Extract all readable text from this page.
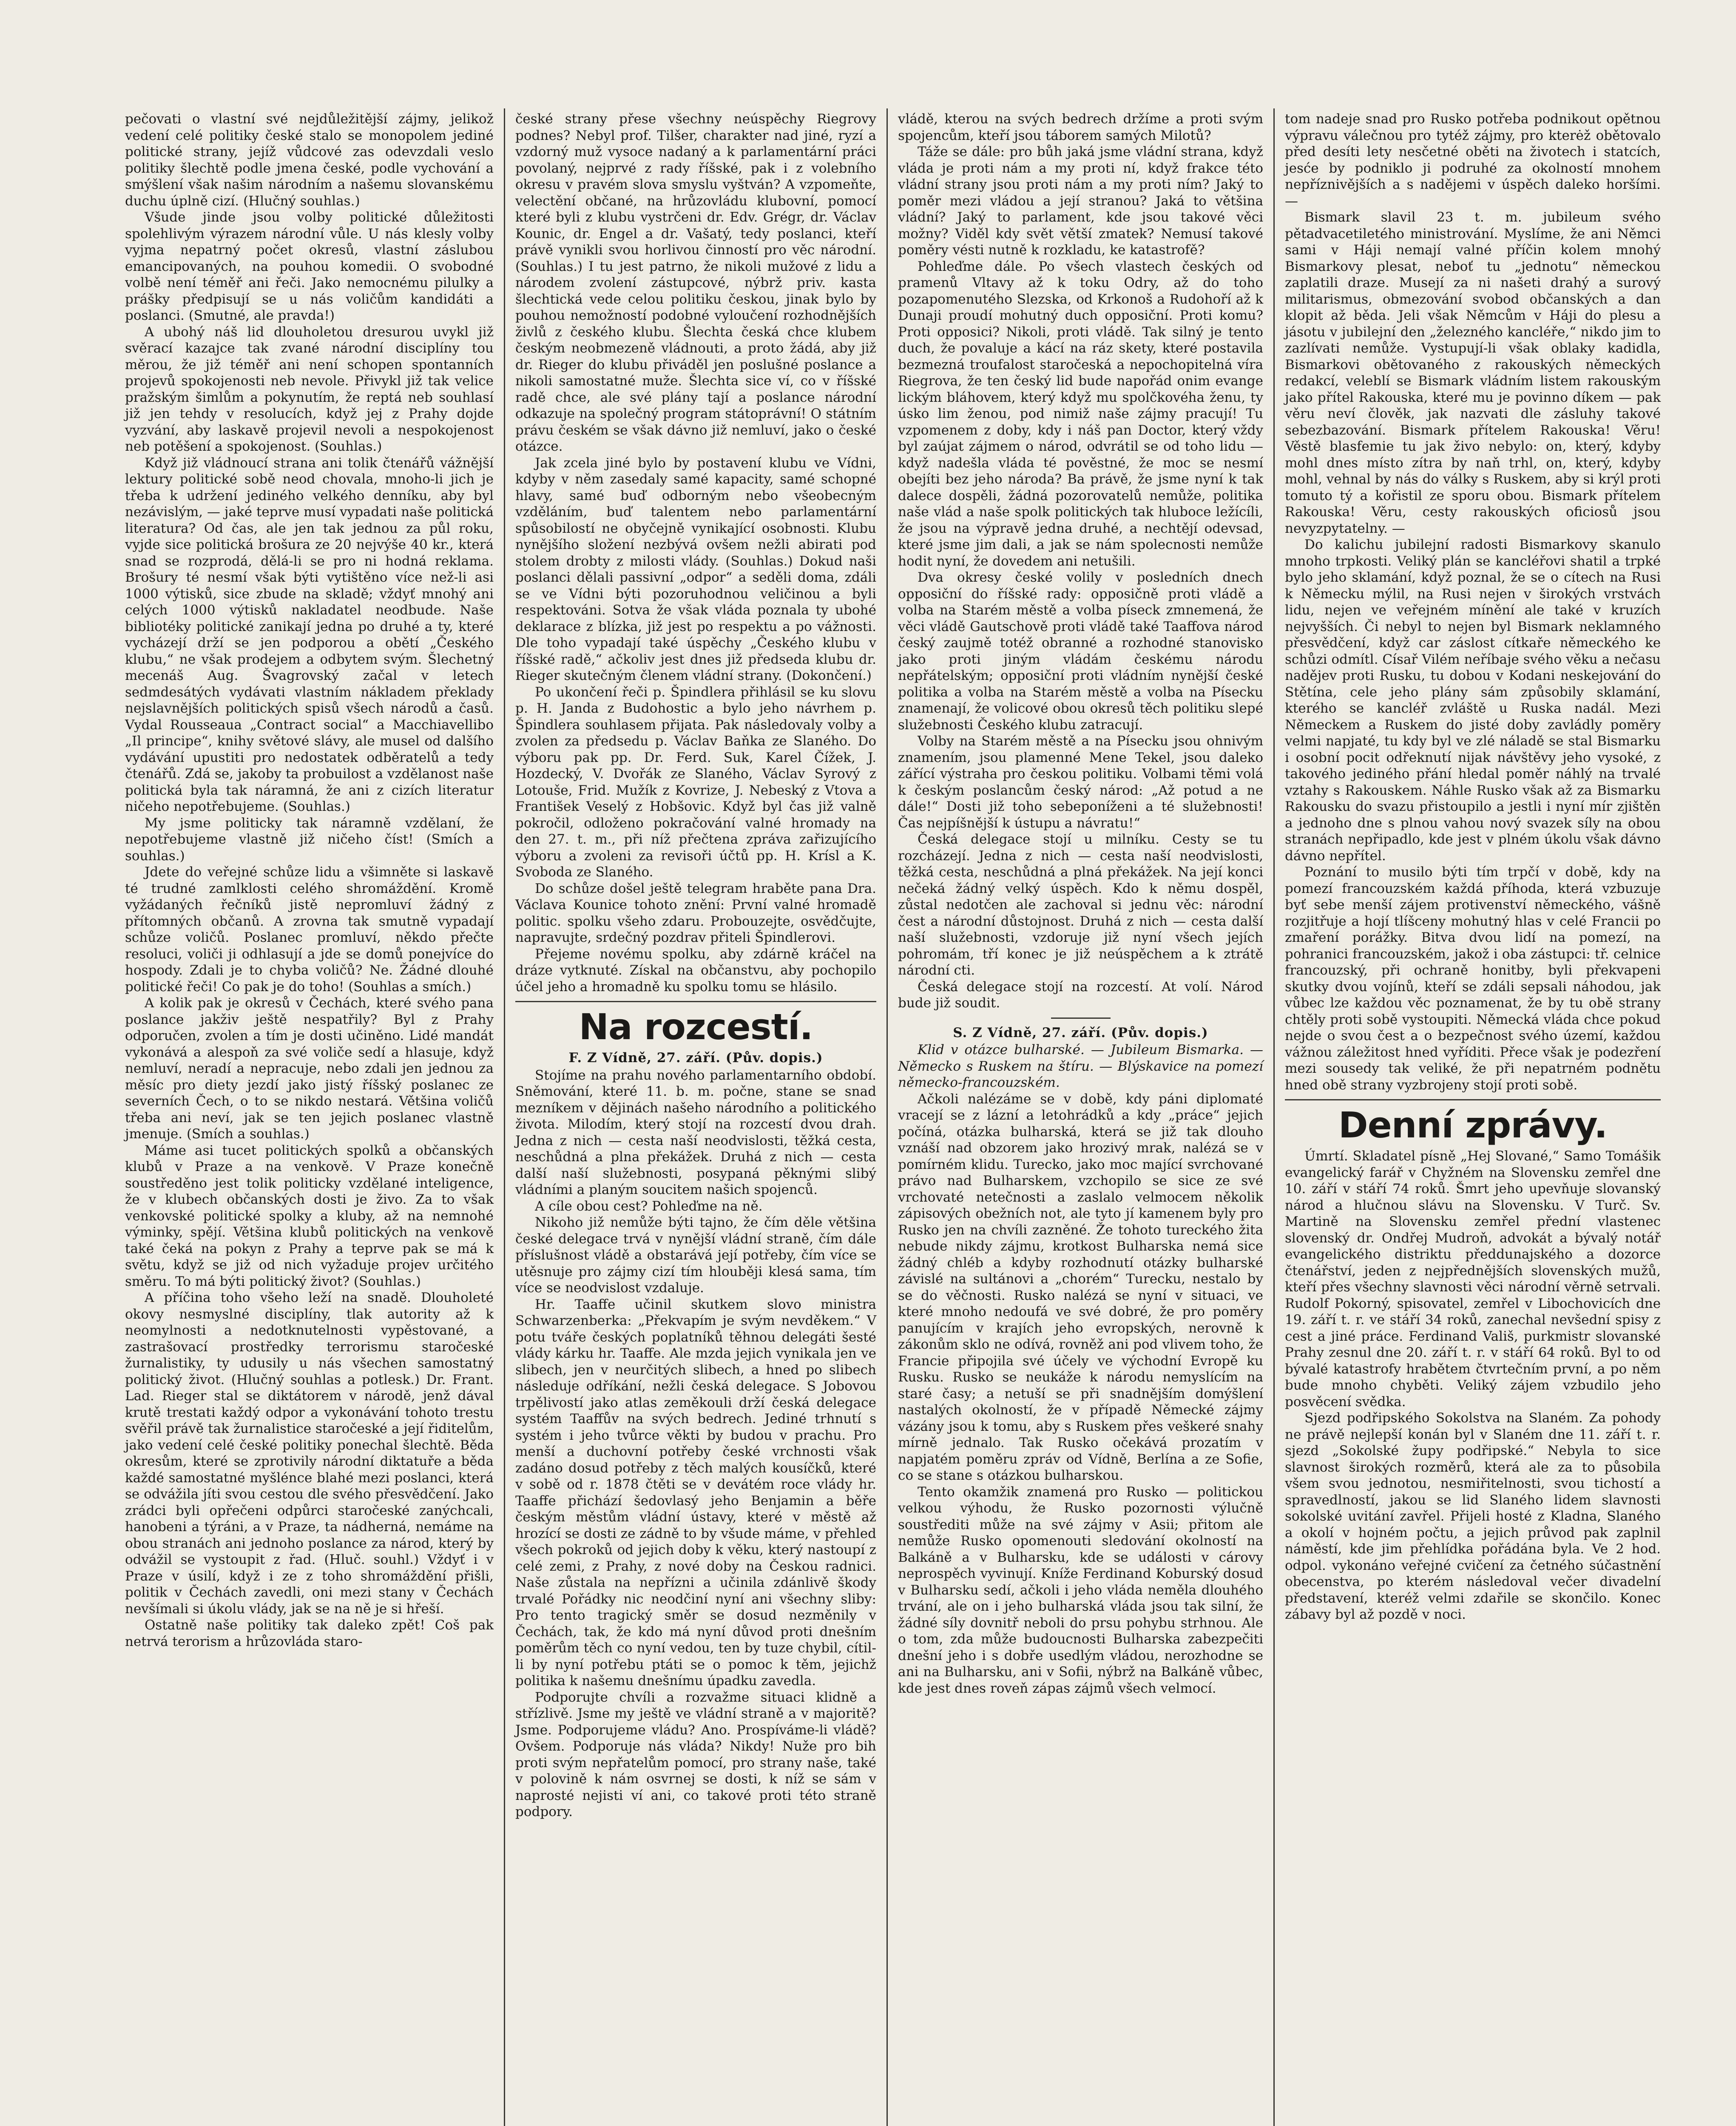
pečovati o vlastní své nejdůležitější zájmy, jelikož vedení celé politiky české stalo se monopolem jediné politické strany, jejíž vůdcové zas odevzdali veslo politiky šlechtě podle jmena české, podle vychování a smýšlení však našim národním a našemu slovanskému duchu úplně cizí. (Hlučný souhlas.)

Všude jinde jsou volby politické důležitosti spolehlivým výrazem národní vůle. U nás klesly volby vyjma nepatrný počet okresů, vlastní záslubou emancipovaných, na pouhou komedii. O svobodné volbě není téměř ani řeči. Jako nemocnému pilulky a prášky předpisují se u nás voličům kandidáti a poslanci. (Smutné, ale pravda!)

A ubohý náš lid dlouholetou dresurou uvykl již svěrací kazajce tak zvané národní disciplíny tou měrou, že již téměř ani není schopen spontanních projevů spokojenosti neb nevole. Přivykl již tak velice pražským šimlům a pokynutím, že reptá neb souhlasí již jen tehdy v resolucích, když jej z Prahy dojde vyzvání, aby laskavě projevil nevoli a nespokojenost neb potěšení a spokojenost. (Souhlas.)

Když již vládnoucí strana ani tolik čtenářů vážnější lektury politické sobě neod chovala, mnoho-li jich je třeba k udržení jediného velkého denníku, aby byl nezávislým, — jaké teprve musí vypadati naše politická literatura? Od čas, ale jen tak jednou za půl roku, vyjde sice politická brošura ze 20 nejvýše 40 kr., která snad se rozprodá, dělá-li se pro ni hodná reklama. Brošury té nesmí však býti vytištěno více než-li asi 1000 výtisků, sice zbude na skladě; vždyť mnohý ani celých 1000 výtisků nakladatel neodbude. Naše bibliotéky politické zanikají jedna po druhé a ty, které vycházejí drží se jen podporou a obětí „Českého klubu,“ ne však prodejem a odbytem svým. Šlechetný mecenáš Aug. Švagrovský začal v letech sedmdesátých vydávati vlastním nákladem překlady nejslavnějších politických spisů všech národů a časů. Vydal Rousseaua „Contract social“ a Macchiavellibo „Il principe“, knihy světové slávy, ale musel od dalšího vydávání upustiti pro nedostatek odběratelů a tedy čtenářů. Zdá se, jakoby ta probuilost a vzdělanost naše politická byla tak náramná, že ani z cizích literatur ničeho nepotřebujeme. (Souhlas.)

My jsme politicky tak náramně vzdělaní, že nepotřebujeme vlastně již ničeho číst! (Smích a souhlas.)

Jdete do veřejné schůze lidu a všimněte si laskavě té trudné zamlklosti celého shromáždění. Kromě vyžádaných řečníků jistě nepromluví žádný z přítomných občanů. A zrovna tak smutně vypadají schůze voličů. Poslanec promluví, někdo přečte resoluci, voliči ji odhlasují a jde se domů ponejvíce do hospody. Zdali je to chyba voličů? Ne. Žádné dlouhé politické řeči! Co pak je do toho! (Souhlas a smích.)

A kolik pak je okresů v Čechách, které svého pana poslance jakživ ještě nespatřily? Byl z Prahy odporučen, zvolen a tím je dosti učiněno. Lidé mandát vykonává a alespoň za své voliče sedí a hlasuje, když nemluví, neradí a nepracuje, nebo zdali jen jednou za měsíc pro diety jezdí jako jistý říšský poslanec ze severních Čech, o to se nikdo nestará. Většina voličů třeba ani neví, jak se ten jejich poslanec vlastně jmenuje. (Smích a souhlas.)

Máme asi tucet politických spolků a občanských klubů v Praze a na venkově. V Praze konečně soustředěno jest tolik politicky vzdělané inteligence, že v klubech občanských dosti je živo. Za to však venkovské politické spolky a kluby, až na nemnohé výminky, spějí. Většina klubů politických na venkově také čeká na pokyn z Prahy a teprve pak se má k světu, když se již od nich vyžaduje projev určitého směru. To má býti politický život? (Souhlas.)

A příčina toho všeho leží na snadě. Dlouholeté okovy nesmyslné disciplíny, tlak autority až k neomylnosti a nedotknutelnosti vypěstované, a zastrašovací prostředky terrorismu staročeské žurnalistiky, ty udusily u nás všechen samostatný politický život. (Hlučný souhlas a potlesk.) Dr. Frant. Lad. Rieger stal se diktátorem v národě, jenž dával krutě trestati každý odpor a vykonávání tohoto trestu svěřil právě tak žurnalistice staročeské a její řiditelům, jako vedení celé české politiky ponechal šlechtě. Běda okresům, které se zprotivily národní diktatuře a běda každé samostatné myšlénce blahé mezi poslanci, která se odvážila jíti svou cestou dle svého přesvědčení. Jako zrádci byli opřečeni odpůrci staročeské zanýchcali, hanobeni a týráni, a v Praze, ta nádherná, nemáme na obou stranách ani jednoho poslance za národ, který by odvážil se vystoupit z řad. (Hluč. souhl.) Vždyť i v Praze v úsilí, když i ze z toho shromáždění přišli, politik v Čechách zavedli, oni mezi stany v Čechách nevšímali si úkolu vlády, jak se na ně je si hřeší.

Ostatně naše politiky tak daleko zpět! Coš pak netrvá terorism a hrůzovláda staro-

české strany přese všechny neúspěchy Riegrovy podnes? Nebyl prof. Tilšer, charakter nad jiné, ryzí a vzdorný muž vysoce nadaný a k parlamentární práci povolaný, nejprvé z rady říšské, pak i z volebního okresu v pravém slova smyslu vyštván? A vzpomeňte, velectění občané, na hrůzovládu klubovní, pomocí které byli z klubu vystrčeni dr. Edv. Grégr, dr. Václav Kounic, dr. Engel a dr. Vašatý, tedy poslanci, kteří právě vynikli svou horlivou činností pro věc národní. (Souhlas.) I tu jest patrno, že nikoli mužové z lidu a národem zvolení zástupcové, nýbrž priv. kasta šlechtická vede celou politiku českou, jinak bylo by pouhou nemožností podobné vyloučení rozhodnějších živlů z českého klubu. Šlechta česká chce klubem českým neobmezeně vládnouti, a proto žádá, aby již dr. Rieger do klubu přiváděl jen poslušné poslance a nikoli samostatné muže. Šlechta sice ví, co v říšské radě chce, ale své plány tají a poslance národní odkazuje na společný program státoprávní! O státním právu českém se však dávno již nemluví, jako o české otázce.

Jak zcela jiné bylo by postavení klubu ve Vídni, kdyby v něm zasedaly samé kapacity, samé schopné hlavy, samé buď odborným nebo všeobecným vzděláním, buď talentem nebo parlamentární spůsobilostí ne obyčejně vynikající osobnosti. Klubu nynějšího složení nezbývá ovšem nežli abirati pod stolem drobty z milosti vlády. (Souhlas.) Dokud naši poslanci dělali passivní „odpor“ a seděli doma, zdáli se ve Vídni býti pozoruhodnou veličinou a byli respektováni. Sotva že však vláda poznala ty ubohé deklarace z blízka, již jest po respektu a po vážnosti. Dle toho vypadají také úspěchy „Českého klubu v říšské radě,“ ačkoliv jest dnes již předseda klubu dr. Rieger skutečným členem vládní strany. (Dokončení.)

Po ukončení řeči p. Špindlera přihlásil se ku slovu p. H. Janda z Budohostic a bylo jeho návrhem p. Špindlera souhlasem přijata. Pak následovaly volby a zvolen za předsedu p. Václav Baňka ze Slaného. Do výboru pak pp. Dr. Ferd. Suk, Karel Čížek, J. Hozdecký, V. Dvořák ze Slaného, Václav Syrový z Lotouše, Frid. Mužík z Kovrize, J. Nebeský z Vtova a František Veselý z Hobšovic. Když byl čas již valně pokročil, odloženo pokračování valné hromady na den 27. t. m., při níž přečtena zpráva zařizujícího výboru a zvoleni za revisoři účtů pp. H. Krísl a K. Svoboda ze Slaného.

Do schůze došel ještě telegram hraběte pana Dra. Václava Kounice tohoto znění: První valné hromadě politic. spolku všeho zdaru. Probouzejte, osvědčujte, napravujte, srdečný pozdrav přiteli Špindlerovi.

Přejeme novému spolku, aby zdárně kráčel na dráze vytknuté. Získal na občanstvu, aby pochopilo účel jeho a hromadně ku spolku tomu se hlásilo.

Na rozcestí.
F. Z Vídně, 27. září. (Pův. dopis.)

Stojíme na prahu nového parlamentarního období. Sněmování, které 11. b. m. počne, stane se snad mezníkem v dějinách našeho národního a politického života. Milodím, který stojí na rozcestí dvou drah. Jedna z nich — cesta naší neodvislosti, těžká cesta, neschůdná a plna překážek. Druhá z nich — cesta další naší služebnosti, posypaná pěknými slibý vládními a planým soucitem našich spojenců.

A cíle obou cest? Pohleďme na ně.

Nikoho již nemůže býti tajno, že čím děle většina české delegace trvá v nynější vládní straně, čím dále příslušnost vládě a obstarává její potřeby, čím více se utěsnuje pro zájmy cizí tím hlouběji klesá sama, tím více se neodvislost vzdaluje.

Hr. Taaffe učinil skutkem slovo ministra Schwarzenberka: „Překvapím je svým nevděkem.“ V potu tváře českých poplatníků těhnou delegáti šesté vlády kárku hr. Taaffe. Ale mzda jejich vynikala jen ve slibech, jen v neurčitých slibech, a hned po slibech následuje odříkání, nežli česká delegace. S Jobovou trpělivostí jako atlas zeměkouli drží česká delegace systém Taaffův na svých bedrech. Jediné trhnutí s systém i jeho tvůrce věkti by budou v prachu. Pro menší a duchovní potřeby české vrchnosti však zadáno dosud potřeby z těch malých kousíčků, které v sobě od r. 1878 čtěti se v devátém roce vlády hr. Taaffe přichází šedovlasý jeho Benjamin a běře českým městům vládní ústavy, které v městě až hrozící se dosti ze zádně to by všude máme, v přehled všech pokroků od jejich doby k věku, který nastoupí z celé zemi, z Prahy, z nové doby na Českou radnici. Naše zůstala na nepřízni a učinila zdánlivě škody trvalé Pořádky nic neodčiní nyní ani všechny sliby: Pro tento tragický směr se dosud nezměnily v Čechách, tak, že kdo má nyní důvod proti dnešním poměrům těch co nyní vedou, ten by tuze chybil, cítil-li by nyní potřebu ptáti se o pomoc k těm, jejichž politika k našemu dnešnímu úpadku zavedla.

Podporujte chvíli a rozvažme situaci klidně a střízlivě. Jsme my ještě ve vládní straně a v majoritě? Jsme. Podporujeme vládu? Ano. Prospíváme-li vládě? Ovšem. Podporuje nás vláda? Nikdy! Nuže pro bih proti svým nepřatelům pomocí, pro strany naše, také v polovině k nám osvrnej se dosti, k níž se sám v naprosté nejisti ví ani, co takové proti této straně podpory.

vládě, kterou na svých bedrech držíme a proti svým spojencům, kteří jsou táborem samých Milotů?

Táže se dále: pro bůh jaká jsme vládní strana, když vláda je proti nám a my proti ní, když frakce této vládní strany jsou proti nám a my proti ním? Jaký to poměr mezi vládou a její stranou? Jaká to většina vládní? Jaký to parlament, kde jsou takové věci možny? Viděl kdy svět větší zmatek? Nemusí takové poměry vésti nutně k rozkladu, ke katastrofě?

Pohleďme dále. Po všech vlastech českých od pramenů Vltavy až k toku Odry, až do toho pozapomenutého Slezska, od Krkonoš a Rudohoří až k Dunaji proudí mohutný duch opposiční. Proti komu? Proti opposici? Nikoli, proti vládě. Tak silný je tento duch, že povaluje a kácí na ráz skety, které postavila bezmezná troufalost staročeská a nepochopitelná víra Riegrova, že ten český lid bude napořád onim evange lickým bláhovem, který když mu spolčkovéha ženu, ty úsko lim ženou, pod nimiž naše zájmy pracují! Tu vzpomenem z doby, kdy i náš pan Doctor, který vždy byl zaújat zájmem o národ, odvrátil se od toho lidu — když nadešla vláda té pověstné, že moc se nesmí obejíti bez jeho národa? Ba právě, že jsme nyní k tak dalece dospěli, žádná pozorovatelů nemůže, politika naše vlád a naše spolk politických tak hluboce ležícíli, že jsou na výpravě jedna druhé, a nechtějí odevsad, které jsme jim dali, a jak se nám spolecnosti nemůže hodit nyní, že dovedem ani netušili.

Dva okresy české volily v posledních dnech opposiční do říšské rady: opposičně proti vládě a volba na Starém městě a volba píseck zmnemená, že věci vládě Gautschově proti vládě také Taaffova národ český zaujmě totéž obranné a rozhodné stanovisko jako proti jiným vládám českému národu nepřátelským; opposiční proti vládním nynější české politika a volba na Starém městě a volba na Písecku znamenají, že volicové obou okresů těch politiku slepé služebnosti Českého klubu zatracují.

Volby na Starém městě a na Písecku jsou ohnivým znamením, jsou plamenné Mene Tekel, jsou daleko zářící výstraha pro českou politiku. Volbami těmi volá k českým poslancům český národ: „Až potud a ne dále!“ Dosti již toho sebeponíženi a té služebnosti! Čas nejpíšnější k ústupu a návratu!“

Česká delegace stojí u milníku. Cesty se tu rozcházejí. Jedna z nich — cesta naší neodvislosti, těžká cesta, neschůdná a plná překážek. Na její konci nečeká žádný velký úspěch. Kdo k němu dospěl, zůstal nedotčen ale zachoval si jednu věc: národní čest a národní důstojnost. Druhá z nich — cesta další naší služebnosti, vzdoruje již nyní všech jejích pohromám, tří konec je již neúspěchem a k ztrátě národní cti.

Česká delegace stojí na rozcestí. At volí. Národ bude již soudit.

S. Z Vídně, 27. září. (Pův. dopis.)

Klid v otázce bulharské. — Jubileum Bismarka. — Německo s Ruskem na štíru. — Blýskavice na pomezí německo-francouzském.

Ačkoli nalézáme se v době, kdy páni diplomaté vracejí se z lázní a letohrádků a kdy „práce“ jejich počíná, otázka bulharská, která se již tak dlouho vznáší nad obzorem jako hrozivý mrak, nalézá se v pomírném klidu. Turecko, jako moc mající svrchované právo nad Bulharskem, vzchopilo se sice ze své vrchovaté netečnosti a zaslalo velmocem několik zápisových obežních not, ale tyto jí kamenem byly pro Rusko jen na chvíli zazněné. Že tohoto tureckého žita nebude nikdy zájmu, krotkost Bulharska nemá sice žádný chléb a kdyby rozhodnutí otázky bulharské závislé na sultánovi a „chorém“ Turecku, nestalo by se do věčnosti. Rusko nalézá se nyní v situaci, ve které mnoho nedoufá ve své dobré, že pro poměry panujícím v krajích jeho evropských, nerovně k zákonům sklo ne odívá, rovněž ani pod vlivem toho, že Francie připojila své účely ve východní Evropě ku Rusku. Rusko se neukáže k národu nemyslícím na staré časy; a netuší se při snadnějším domýšlení nastalých okolností, že v případě Německé zájmy vázány jsou k tomu, aby s Ruskem přes veškeré snahy mírně jednalo. Tak Rusko očekává prozatím v napjatém poměru zpráv od Vídně, Berlína a ze Sofie, co se stane s otázkou bulharskou.

Tento okamžik znamená pro Rusko — politickou velkou výhodu, že Rusko pozornosti výlučně soustřediti může na své zájmy v Asii; přitom ale nemůže Rusko opomenouti sledování okolností na Balkáně a v Bulharsku, kde se události v cárovy neprospěch vyvinují. Kníže Ferdinand Koburský dosud v Bulharsku sedí, ačkoli i jeho vláda neměla dlouhého trvání, ale on i jeho bulharská vláda jsou tak silní, že žádné síly dovnitř neboli do prsu pohybu strhnou. Ale o tom, zda může budoucnosti Bulharska zabezpečiti dnešní jeho i s dobře usedlým vládou, nerozhodne se ani na Bulharsku, ani v Sofii, nýbrž na Balkáně vůbec, kde jest dnes roveň zápas zájmů všech velmocí.

tom nadeje snad pro Rusko potřeba podnikout opětnou výpravu válečnou pro tytéž zájmy, pro kterėž obětovalo před desíti lety nesčetné oběti na životech i statcích, jesće by podniklo ji podruhé za okolností mnohem nepříznivějších a s nadějemi v úspěch daleko horšími. —

Bismark slavil 23 t. m. jubileum svého pětadvacetiletého ministrování. Myslíme, že ani Němci sami v Háji nemají valné příčin kolem mnohý Bismarkovy plesat, neboť tu „jednotu“ německou zaplatili draze. Musejí za ni našeti drahý a surový militarismus, obmezování svobod občanských a dan klopit až běda. Jeli však Němcům v Háji do plesu a jásotu v jubilejní den „železného kancléře,“ nikdo jim to zazlívati nemůže. Vystupují-li však oblaky kadidla, Bismarkovi obětovaného z rakouských německých redakcí, veleblí se Bismark vládním listem rakouským jako přítel Rakouska, které mu je povinno díkem — pak věru neví člověk, jak nazvati dle zásluhy takové sebezbazování. Bismark přítelem Rakouska! Věru! Věstě blasfemie tu jak živo nebylo: on, který, kdyby mohl dnes místo zítra by naň trhl, on, který, kdyby mohl, vehnal by nás do války s Ruskem, aby si krýl proti tomuto tý a kořistil ze sporu obou. Bismark přítelem Rakouska! Věru, cesty rakouských oficiosů jsou nevyzpytatelny. —

Do kalichu jubilejní radosti Bismarkovy skanulo mnoho trpkosti. Veliký plán se kancléřovi shatil a trpké bylo jeho sklamání, když poznal, že se o cítech na Rusi k Německu mýlil, na Rusi nejen v širokých vrstvách lidu, nejen ve veřejném mínění ale také v kruzích nejvyšších. Či nebyl to nejen byl Bismark neklamného přesvědčení, když car záslost cítkaře německého ke schůzi odmítl. Císař Vilém neříbaje svého věku a nečasu nadějev proti Rusku, tu dobou v Kodani neskejování do Stětína, cele jeho plány sám způsobily sklamání, kterého se kancléř zvláště u Ruska nadál. Mezi Německem a Ruskem do jisté doby zavládly poměry velmi napjaté, tu kdy byl ve zlé náladě se stal Bismarku i osobní pocit odřeknutí nijak návštěvy jeho vysoké, z takového jediného přání hledal poměr náhlý na trvalé vztahy s Rakouskem. Náhle Rusko však až za Bismarku Rakousku do svazu přistoupilo a jestli i nyní mír zjištěn a jednoho dne s plnou vahou nový svazek síly na obou stranách nepřipadlo, kde jest v plném úkolu však dávno dávno nepřítel.

Poznání to musilo býti tím trpčí v době, kdy na pomezí francouzském každá příhoda, která vzbuzuje byť sebe menší zájem protivenství německého, vášně rozjitřuje a hojí tlíšceny mohutný hlas v celé Francii po zmaření porážky. Bitva dvou lidí na pomezí, na pohranici francouzském, jakož i oba zástupci: tř. celnice francouzský, při ochraně honitby, byli překvapeni skutky dvou vojínů, kteří se zdáli sepsali náhodou, jak vůbec lze každou věc poznamenat, že by tu obě strany chtěly proti sobě vystoupiti. Německá vláda chce pokud nejde o svou čest a o bezpečnost svého území, každou vážnou záležitost hned vyříditi. Přece však je podezření mezi sousedy tak veliké, že při nepatrném podnětu hned obě strany vyzbrojeny stojí proti sobě.

Denní zprávy.

Úmrtí. Skladatel písně „Hej Slované,“ Samo Tomášik evangelický farář v Chyžném na Slovensku zemřel dne 10. září v stáří 74 roků. Šmrt jeho upevňuje slovanský národ a hlučnou slávu na Slovensku. V Turč. Sv. Martině na Slovensku zemřel přední vlastenec slovenský dr. Ondřej Mudroň, advokát a bývalý notář evangelického distriktu předdunajského a dozorce čtenářství, jeden z nejpřednějších slovenských mužů, kteří přes všechny slavnosti věci národní věrně setrvali. Rudolf Pokorný, spisovatel, zemřel v Libochovicích dne 19. září t. r. ve stáří 34 roků, zanechal nevšední spisy z cest a jiné práce. Ferdinand Vališ, purkmistr slovanské Prahy zesnul dne 20. září t. r. v stáří 64 roků. Byl to od bývalé katastrofy hrabětem čtvrtečním první, a po něm bude mnoho chyběti. Veliký zájem vzbudilo jeho posvěcení svědka.

Sjezd podřipského Sokolstva na Slaném. Za pohody ne právě nejlepší konán byl v Slaném dne 11. září t. r. sjezd „Sokolské župy podřipské.“ Nebyla to sice slavnost širokých rozměrů, která ale za to působila všem svou jednotou, nesmiřitelnosti, svou tichostí a spravedlností, jakou se lid Slaného lidem slavnosti sokolské uvitání zavřel. Přijeli hosté z Kladna, Slaného a okolí v hojném počtu, a jejich průvod pak zaplnil náměstí, kde jim přehlídka pořádána byla. Ve 2 hod. odpol. vykonáno veřejné cvičení za četného súčastnění obecenstva, po kterém následoval večer divadelní představení, kteréž velmi zdařile se skončilo. Konec zábavy byl až pozdě v noci.
